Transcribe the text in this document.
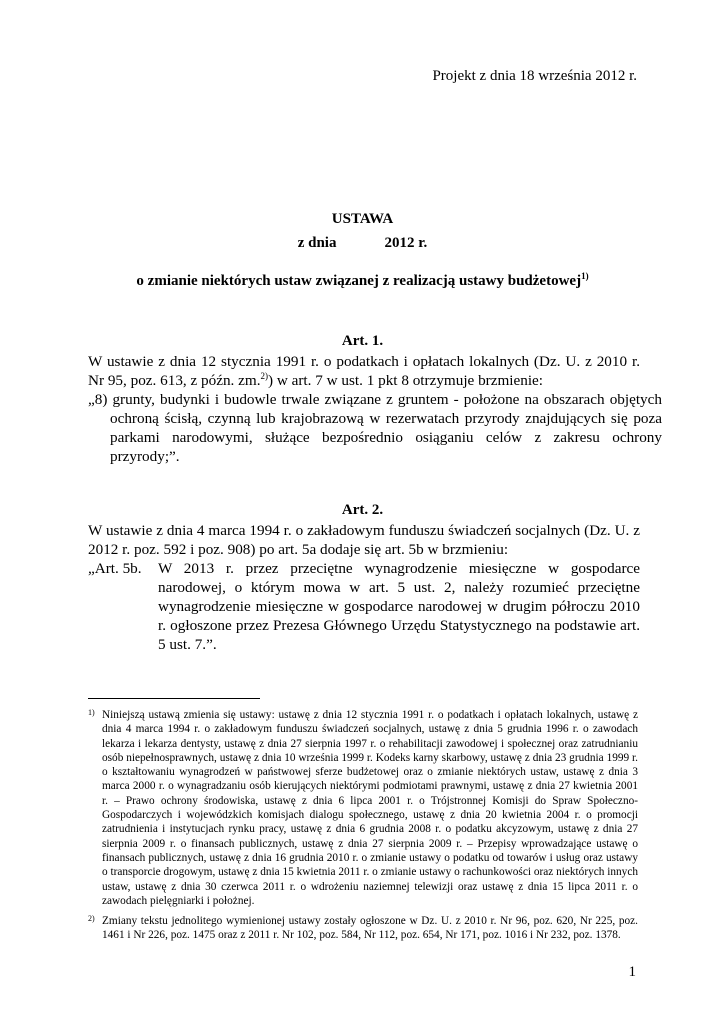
Projekt z dnia 18 września 2012 r.
USTAWA
z dnia	2012 r.
o zmianie niektórych ustaw związanej z realizacją ustawy budżetowej$^{1)}$
Art. 1.
W ustawie z dnia 12 stycznia 1991 r. o podatkach i opłatach lokalnych (Dz. U. z 2010 r. Nr 95, poz. 613, z późn. zm.$^{2)}$) w art. 7 w ust. 1 pkt 8 otrzymuje brzmienie:
„8) grunty, budynki i budowle trwale związane z gruntem - położone na obszarach objętych ochroną ścisłą, czynną lub krajobrazową w rezerwatach przyrody znajdujących się poza parkami narodowymi, służące bezpośrednio osiąganiu celów z zakresu ochrony przyrody;”.
Art. 2.
W ustawie z dnia 4 marca 1994 r. o zakładowym funduszu świadczeń socjalnych (Dz. U. z 2012 r. poz. 592 i poz. 908) po art. 5a dodaje się art. 5b w brzmieniu:
„Art. 5b. W 2013 r. przez przeciętne wynagrodzenie miesięczne w gospodarce narodowej, o którym mowa w art. 5 ust. 2, należy rozumieć przeciętne wynagrodzenie miesięczne w gospodarce narodowej w drugim półroczu 2010 r. ogłoszone przez Prezesa Głównego Urzędu Statystycznego na podstawie art. 5 ust. 7.”.
1) Niniejszą ustawą zmienia się ustawy: ustawę z dnia 12 stycznia 1991 r. o podatkach i opłatach lokalnych, ustawę z dnia 4 marca 1994 r. o zakładowym funduszu świadczeń socjalnych, ustawę z dnia 5 grudnia 1996 r. o zawodach lekarza i lekarza dentysty, ustawę z dnia 27 sierpnia 1997 r. o rehabilitacji zawodowej i społecznej oraz zatrudnianiu osób niepełnosprawnych, ustawę z dnia 10 września 1999 r. Kodeks karny skarbowy, ustawę z dnia 23 grudnia 1999 r. o kształtowaniu wynagrodzeń w państwowej sferze budżetowej oraz o zmianie niektórych ustaw, ustawę z dnia 3 marca 2000 r. o wynagradzaniu osób kierujących niektórymi podmiotami prawnymi, ustawę z dnia 27 kwietnia 2001 r. – Prawo ochrony środowiska, ustawę z dnia 6 lipca 2001 r. o Trójstronnej Komisji do Spraw Społeczno-Gospodarczych i wojewódzkich komisjach dialogu społecznego, ustawę z dnia 20 kwietnia 2004 r. o promocji zatrudnienia i instytucjach rynku pracy, ustawę z dnia 6 grudnia 2008 r. o podatku akcyzowym, ustawę z dnia 27 sierpnia 2009 r. o finansach publicznych, ustawę z dnia 27 sierpnia 2009 r. – Przepisy wprowadzające ustawę o finansach publicznych, ustawę z dnia 16 grudnia 2010 r. o zmianie ustawy o podatku od towarów i usług oraz ustawy o transporcie drogowym, ustawę z dnia 15 kwietnia 2011 r. o zmianie ustawy o rachunkowości oraz niektórych innych ustaw, ustawę z dnia 30 czerwca 2011 r. o wdrożeniu naziemnej telewizji oraz ustawę z dnia 15 lipca 2011 r. o zawodach pielęgniarki i położnej.
2) Zmiany tekstu jednolitego wymienionej ustawy zostały ogłoszone w Dz. U. z 2010 r. Nr 96, poz. 620, Nr 225, poz. 1461 i Nr 226, poz. 1475 oraz z 2011 r. Nr 102, poz. 584, Nr 112, poz. 654, Nr 171, poz. 1016 i Nr 232, poz. 1378.
1
